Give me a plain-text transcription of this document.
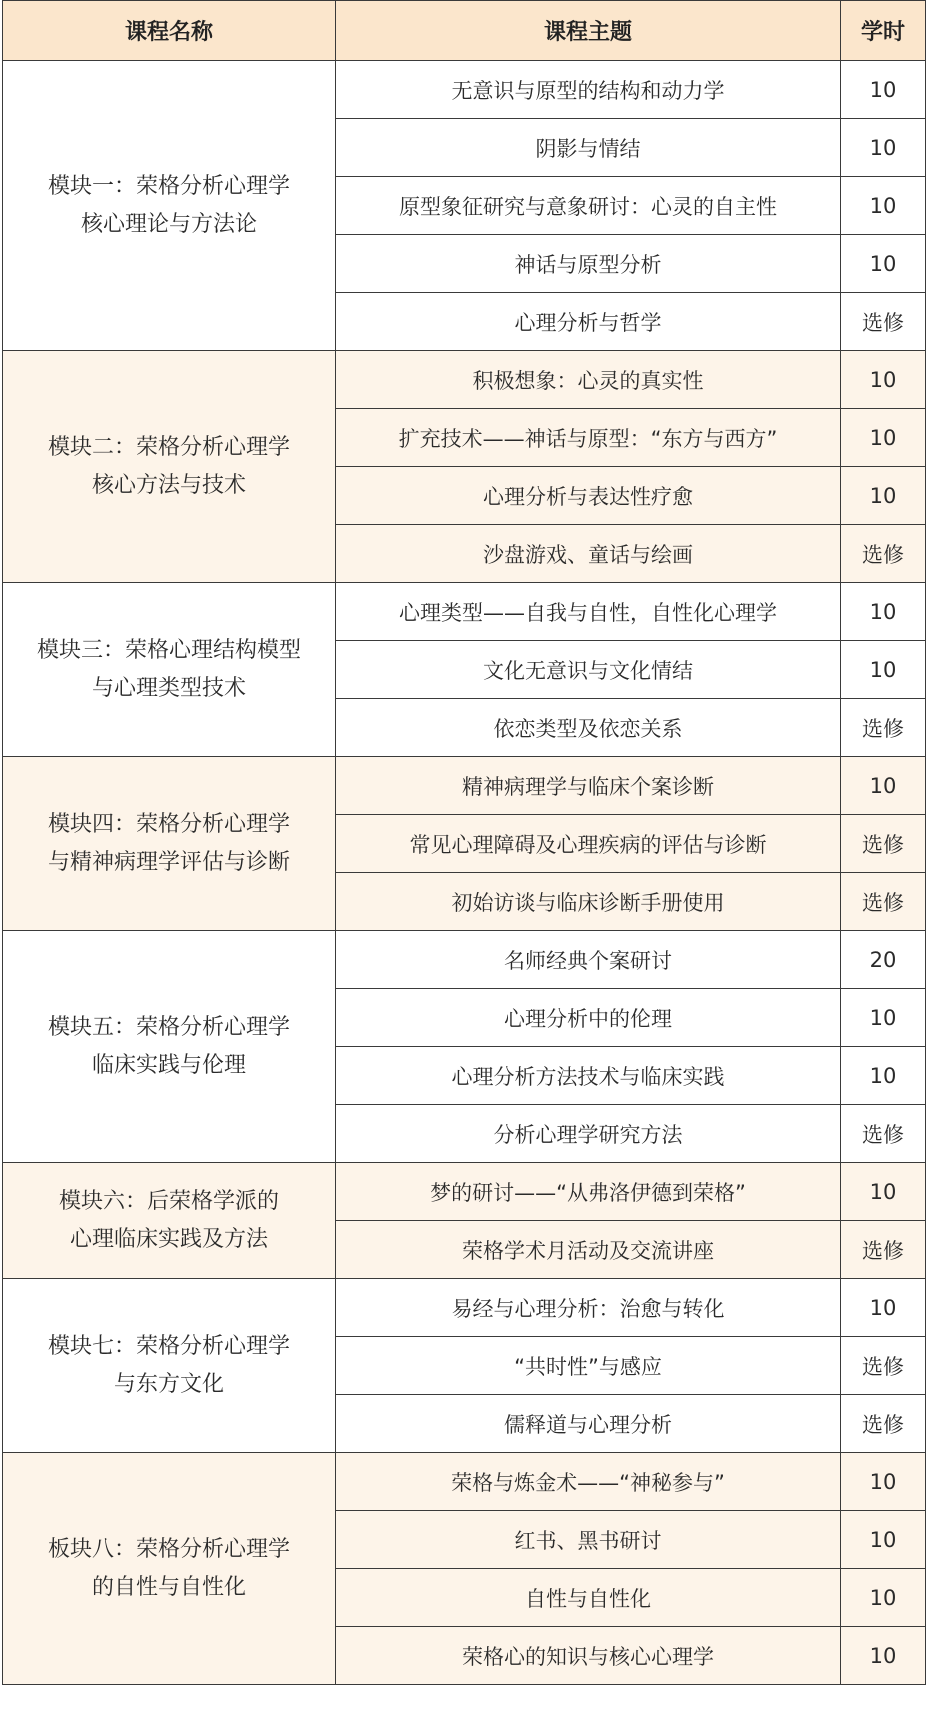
课程名称	课程主题	学时

模块一：荣格分析心理学
核心理论与方法论	无意识与原型的结构和动力学	10
	阴影与情结	10
	原型象征研究与意象研讨：心灵的自主性	10
	神话与原型分析	10
	心理分析与哲学	选修

模块二：荣格分析心理学
核心方法与技术	积极想象：心灵的真实性	10
	扩充技术——神话与原型：“东方与西方”	10
	心理分析与表达性疗愈	10
	沙盘游戏、童话与绘画	选修

模块三：荣格心理结构模型
与心理类型技术	心理类型——自我与自性，自性化心理学	10
	文化无意识与文化情结	10
	依恋类型及依恋关系	选修

模块四：荣格分析心理学
与精神病理学评估与诊断	精神病理学与临床个案诊断	10
	常见心理障碍及心理疾病的评估与诊断	选修
	初始访谈与临床诊断手册使用	选修

模块五：荣格分析心理学
临床实践与伦理	名师经典个案研讨	20
	心理分析中的伦理	10
	心理分析方法技术与临床实践	10
	分析心理学研究方法	选修

模块六：后荣格学派的
心理临床实践及方法	梦的研讨——“从弗洛伊德到荣格”	10
	荣格学术月活动及交流讲座	选修

模块七：荣格分析心理学
与东方文化	易经与心理分析：治愈与转化	10
	“共时性”与感应	选修
	儒释道与心理分析	选修

板块八：荣格分析心理学
的自性与自性化	荣格与炼金术——“神秘参与”	10
	红书、黑书研讨	10
	自性与自性化	10
	荣格心的知识与核心心理学	10
